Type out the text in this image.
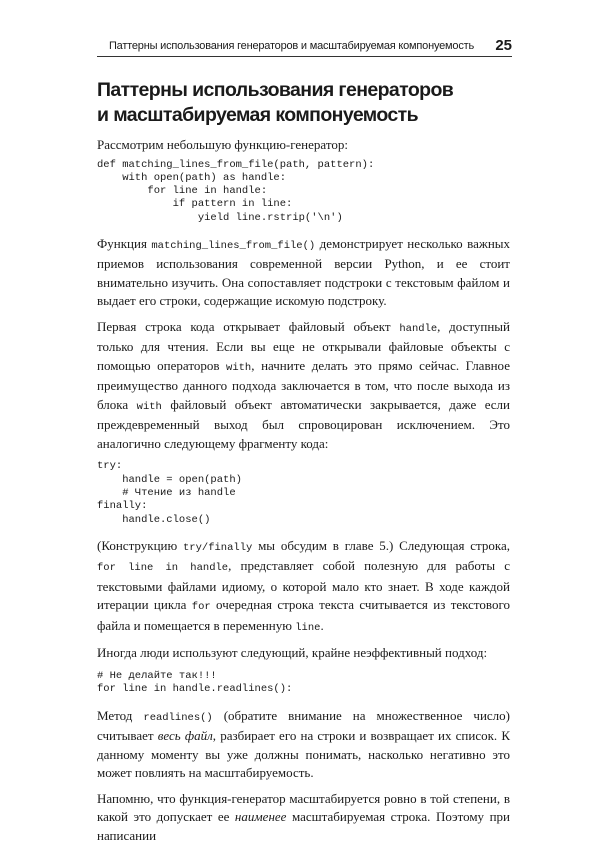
Паттерны использования генераторов и масштабируемая компонуемость	25
Паттерны использования генераторов
и масштабируемая компонуемость

Рассмотрим небольшую функцию-генератор:

def matching_lines_from_file(path, pattern):
with open(path) as handle:
for line in handle:
if pattern in line:
yield line.rstrip('\n')

Функция matching_lines_from_file() демонстрирует несколько важных приемов использования современной версии Python, и ее стоит внимательно изучить. Она сопоставляет подстроки с текстовым файлом и выдает его строки, содержащие искомую подстроку.

Первая строка кода открывает файловый объект handle, доступный только для чтения. Если вы еще не открывали файловые объекты с помощью операторов with, начните делать это прямо сейчас. Главное преимущество данного подхода заключается в том, что после выхода из блока with файловый объект автоматически закрывается, даже если преждевременный выход был спровоцирован исключением. Это аналогично следующему фрагменту кода:

try:
handle = open(path)
# Чтение из handle
finally:
handle.close()

(Конструкцию try/finally мы обсудим в главе 5.) Следующая строка, for line in handle, представляет собой полезную для работы с текстовыми файлами идиому, о которой мало кто знает. В ходе каждой итерации цикла for очередная строка текста считывается из текстового файла и помещается в переменную line.

Иногда люди используют следующий, крайне неэффективный подход:

# Не делайте так!!!
for line in handle.readlines():

Метод readlines() (обратите внимание на множественное число) считывает весь файл, разбирает его на строки и возвращает их список. К данному моменту вы уже должны понимать, насколько негативно это может повлиять на масштабируемость.

Напомню, что функция-генератор масштабируется ровно в той степени, в какой это допускает ее наименее масштабируемая строка. Поэтому при написании
